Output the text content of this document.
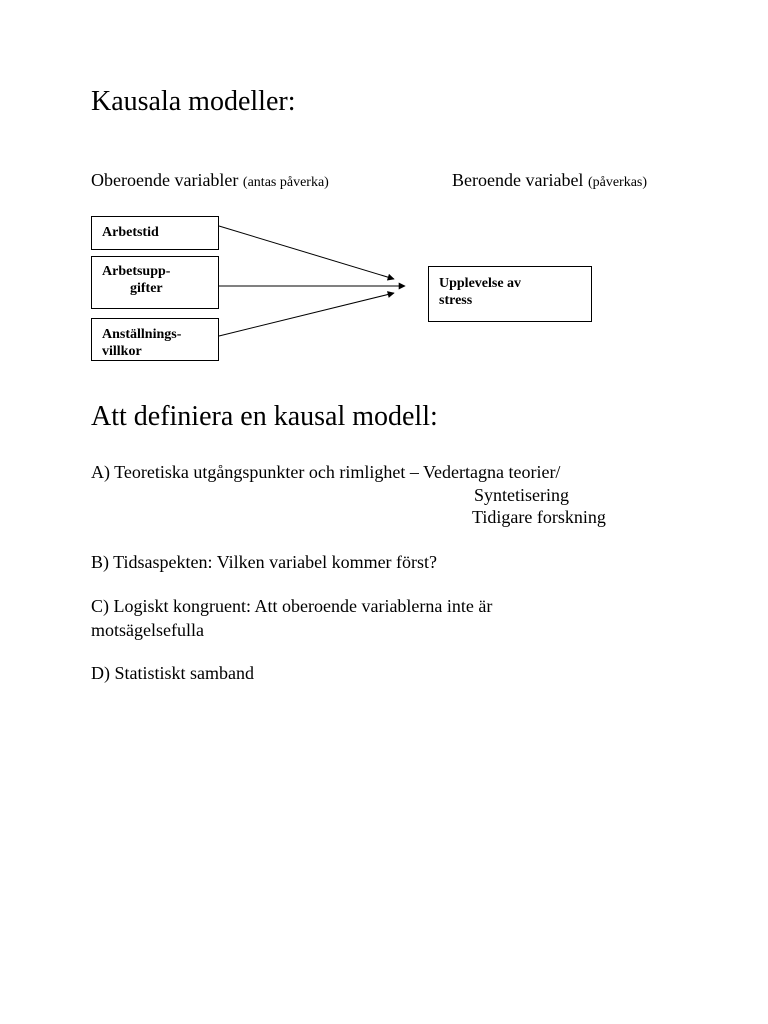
Kausala modeller:
Oberoende variabler (antas påverka)	Beroende variabel (påverkas)
Arbetstid
Arbetsupp-
gifter
Anställnings-
villkor
Upplevelse av
stress
Att definiera en kausal modell:
A) Teoretiska utgångspunkter och rimlighet – Vedertagna teorier/
Syntetisering
Tidigare forskning
B) Tidsaspekten: Vilken variabel kommer först?
C) Logiskt kongruent: Att oberoende variablerna inte är
motsägelsefulla
D) Statistiskt samband
